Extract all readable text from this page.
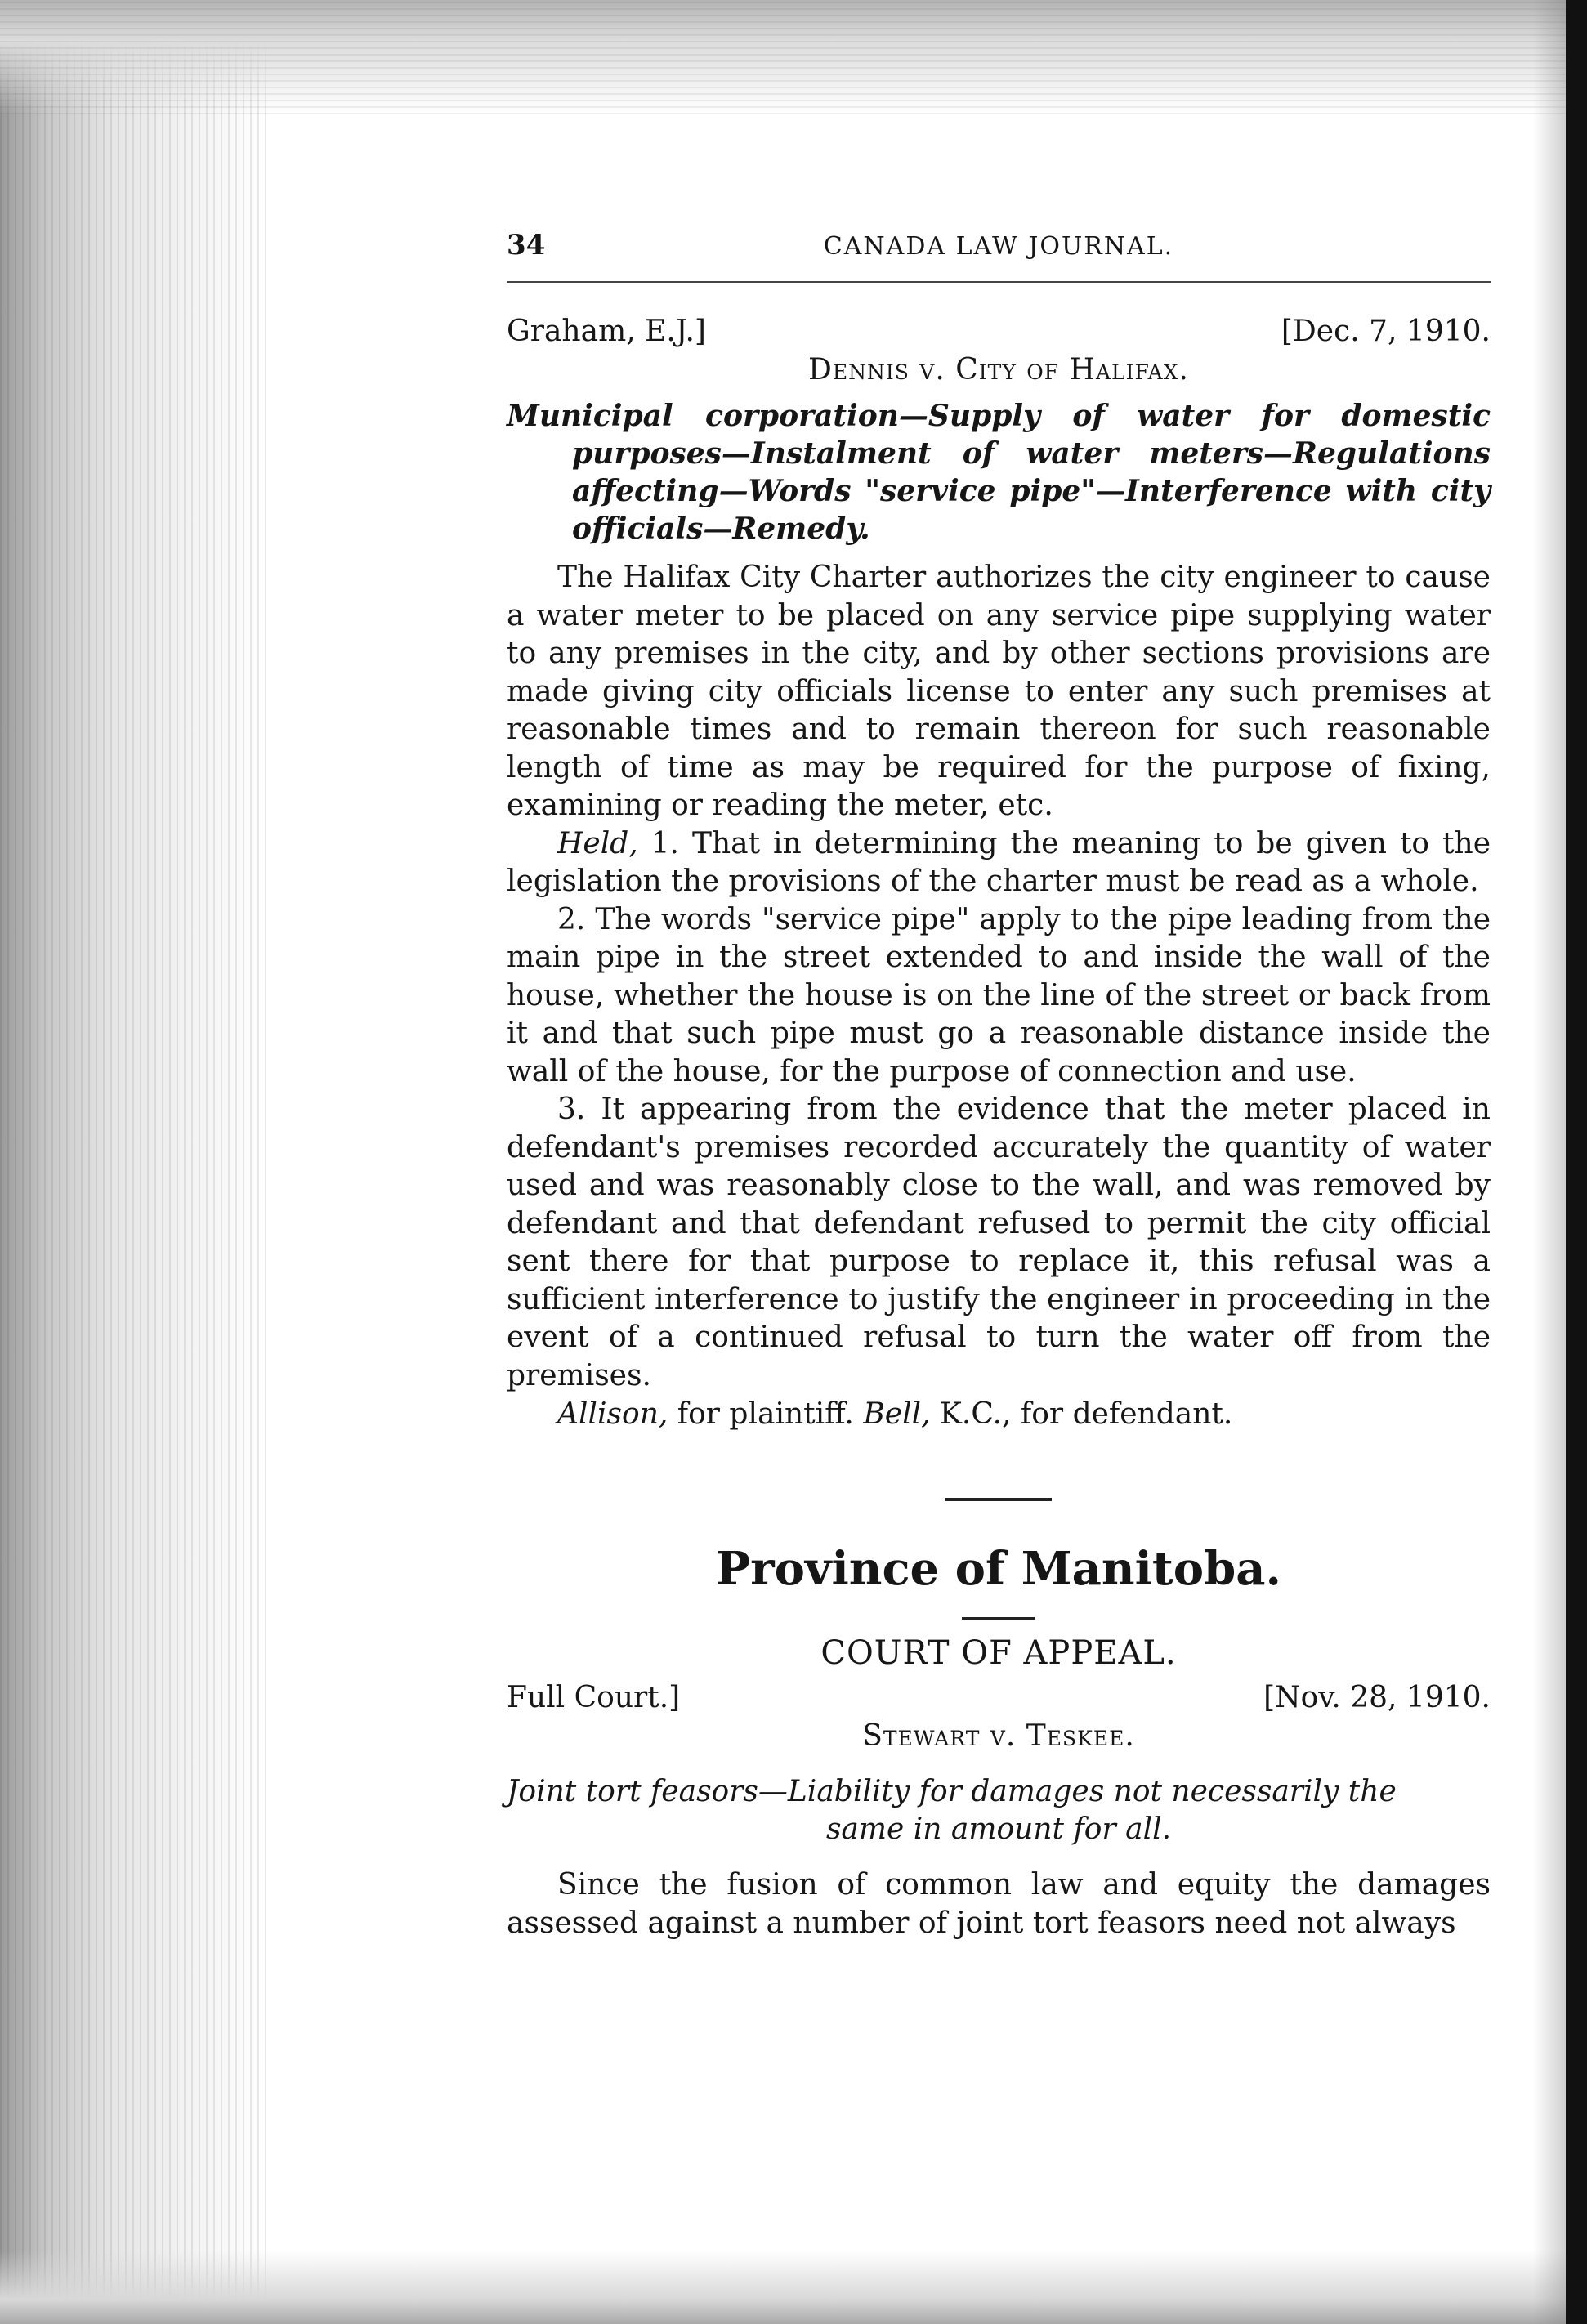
34	CANADA LAW JOURNAL.
Graham, E.J.]	[Dec. 7, 1910.
Dennis v. City of Halifax.

Municipal corporation—Supply of water for domestic purposes—Instalment of water meters—Regulations affecting—Words "service pipe"—Interference with city officials—Remedy.

The Halifax City Charter authorizes the city engineer to cause a water meter to be placed on any service pipe supplying water to any premises in the city, and by other sections provisions are made giving city officials license to enter any such premises at reasonable times and to remain thereon for such reasonable length of time as may be required for the purpose of fixing, examining or reading the meter, etc.

Held, 1. That in determining the meaning to be given to the legislation the provisions of the charter must be read as a whole.

2. The words "service pipe" apply to the pipe leading from the main pipe in the street extended to and inside the wall of the house, whether the house is on the line of the street or back from it and that such pipe must go a reasonable distance inside the wall of the house, for the purpose of connection and use.

3. It appearing from the evidence that the meter placed in defendant's premises recorded accurately the quantity of water used and was reasonably close to the wall, and was removed by defendant and that defendant refused to permit the city official sent there for that purpose to replace it, this refusal was a sufficient interference to justify the engineer in proceeding in the event of a continued refusal to turn the water off from the premises.

Allison, for plaintiff. Bell, K.C., for defendant.

Province of Manitoba.
COURT OF APPEAL.
Full Court.]	[Nov. 28, 1910.
Stewart v. Teskee.

Joint tort feasors—Liability for damages not necessarily the
same in amount for all.

Since the fusion of common law and equity the damages assessed against a number of joint tort feasors need not always
